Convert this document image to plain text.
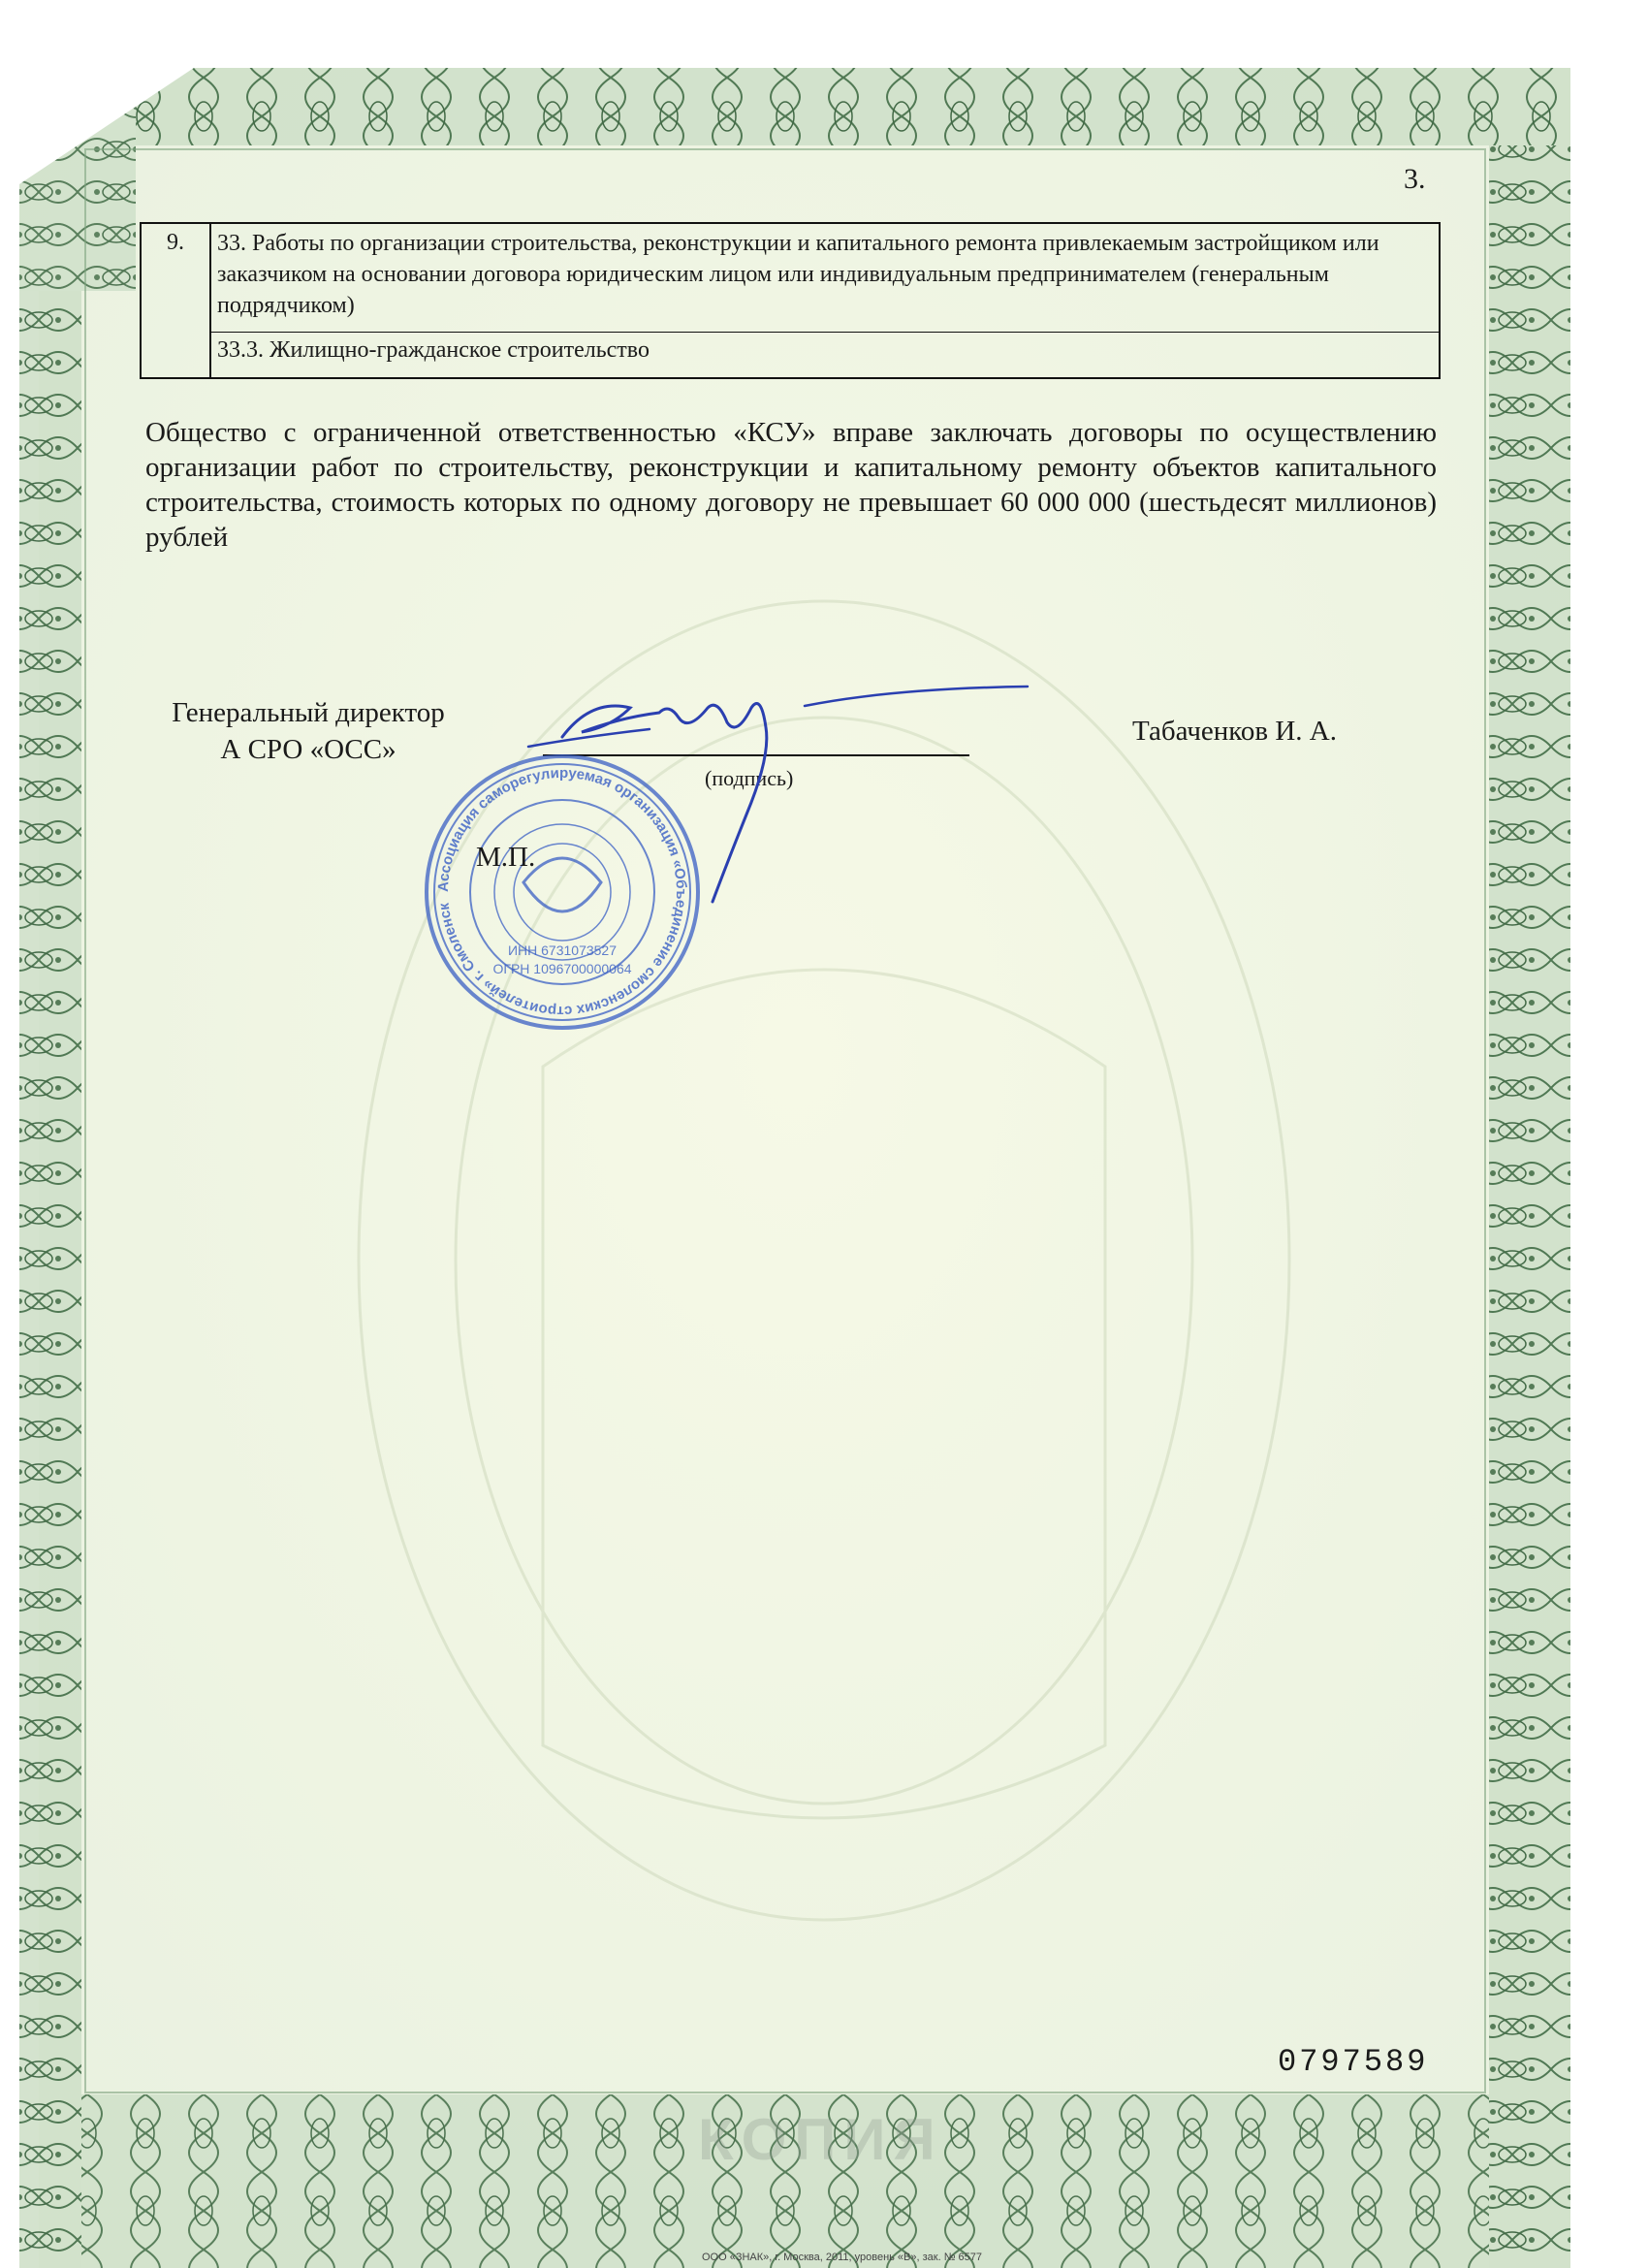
3.
9.	33. Работы по организации строительства, реконструкции и капитального ремонта привлекаемым застройщиком или заказчиком на основании договора юридическим лицом или индивидуальным предпринимателем (генеральным подрядчиком)
33.3. Жилищно-гражданское строительство
Общество с ограниченной ответственностью «КСУ» вправе заключать договоры по осуществлению организации работ по строительству, реконструкции и капитальному ремонту объектов капитального строительства, стоимость которых по одному договору не превышает 60 000 000 (шестьдесят миллионов) рублей
Генеральный директор
А СРО «ОСС»
(подпись)
Табаченков И. А.
Ассоциация саморегулируемая организация «Объединение смоленских строителей» г. Смоленск
ИНН 6731073527
ОГРН 1096700000064
М.П.
0797589
КОПИЯ
ООО «ЗНАК», г. Москва, 2011, уровень «В», зак. № 6577
